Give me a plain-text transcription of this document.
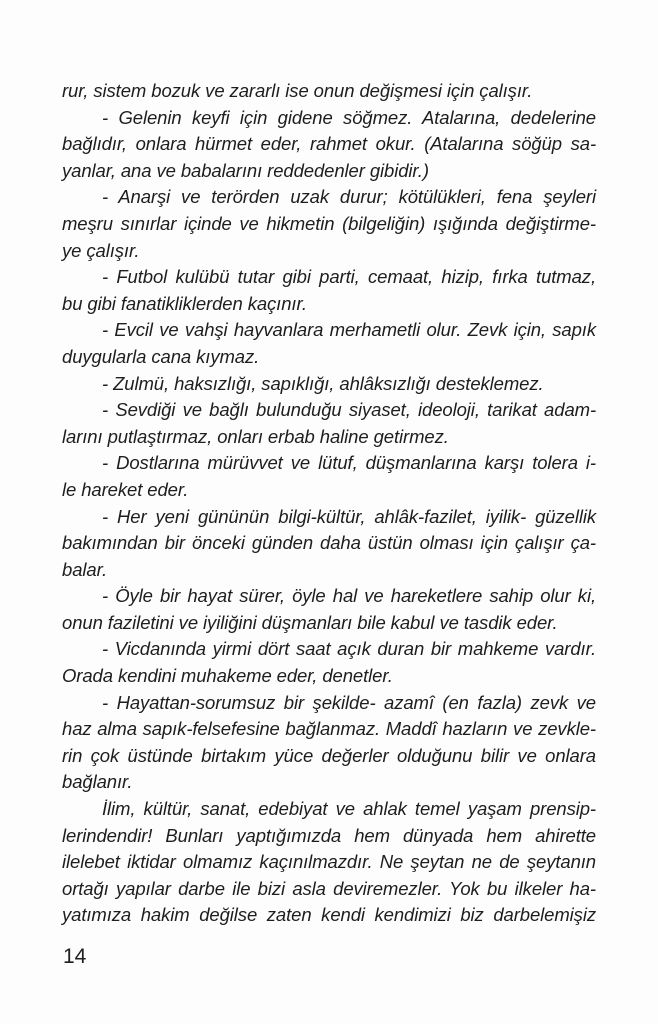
rur, sistem bozuk ve zararlı ise onun değişmesi için çalışır.
- Gelenin keyfi için gidene söğmez. Atalarına, dedelerine
bağlıdır, onlara hürmet eder, rahmet okur. (Atalarına söğüp sa-
yanlar, ana ve babalarını reddedenler gibidir.)
- Anarşi ve terörden uzak durur; kötülükleri, fena şeyleri
meşru sınırlar içinde ve hikmetin (bilgeliğin) ışığında değiştirme-
ye çalışır.
- Futbol kulübü tutar gibi parti, cemaat, hizip, fırka tutmaz,
bu gibi fanatikliklerden kaçınır.
- Evcil ve vahşi hayvanlara merhametli olur. Zevk için, sapık
duygularla cana kıymaz.
- Zulmü, haksızlığı, sapıklığı, ahlâksızlığı desteklemez.
- Sevdiği ve bağlı bulunduğu siyaset, ideoloji, tarikat adam-
larını putlaştırmaz, onları erbab haline getirmez.
- Dostlarına mürüvvet ve lütuf, düşmanlarına karşı tolera i-
le hareket eder.
- Her yeni gününün bilgi-kültür, ahlâk-fazilet, iyilik- güzellik
bakımından bir önceki günden daha üstün olması için çalışır ça-
balar.
- Öyle bir hayat sürer, öyle hal ve hareketlere sahip olur ki,
onun faziletini ve iyiliğini düşmanları bile kabul ve tasdik eder.
- Vicdanında yirmi dört saat açık duran bir mahkeme vardır.
Orada kendini muhakeme eder, denetler.
- Hayattan-sorumsuz bir şekilde- azamî (en fazla) zevk ve
haz alma sapık-felsefesine bağlanmaz. Maddî hazların ve zevkle-
rin çok üstünde birtakım yüce değerler olduğunu bilir ve onlara
bağlanır.
İlim, kültür, sanat, edebiyat ve ahlak temel yaşam prensip-
lerindendir! Bunları yaptığımızda hem dünyada hem ahirette
ilelebet iktidar olmamız kaçınılmazdır. Ne şeytan ne de şeytanın
ortağı yapılar darbe ile bizi asla deviremezler. Yok bu ilkeler ha-
yatımıza hakim değilse zaten kendi kendimizi biz darbelemişiz
14
